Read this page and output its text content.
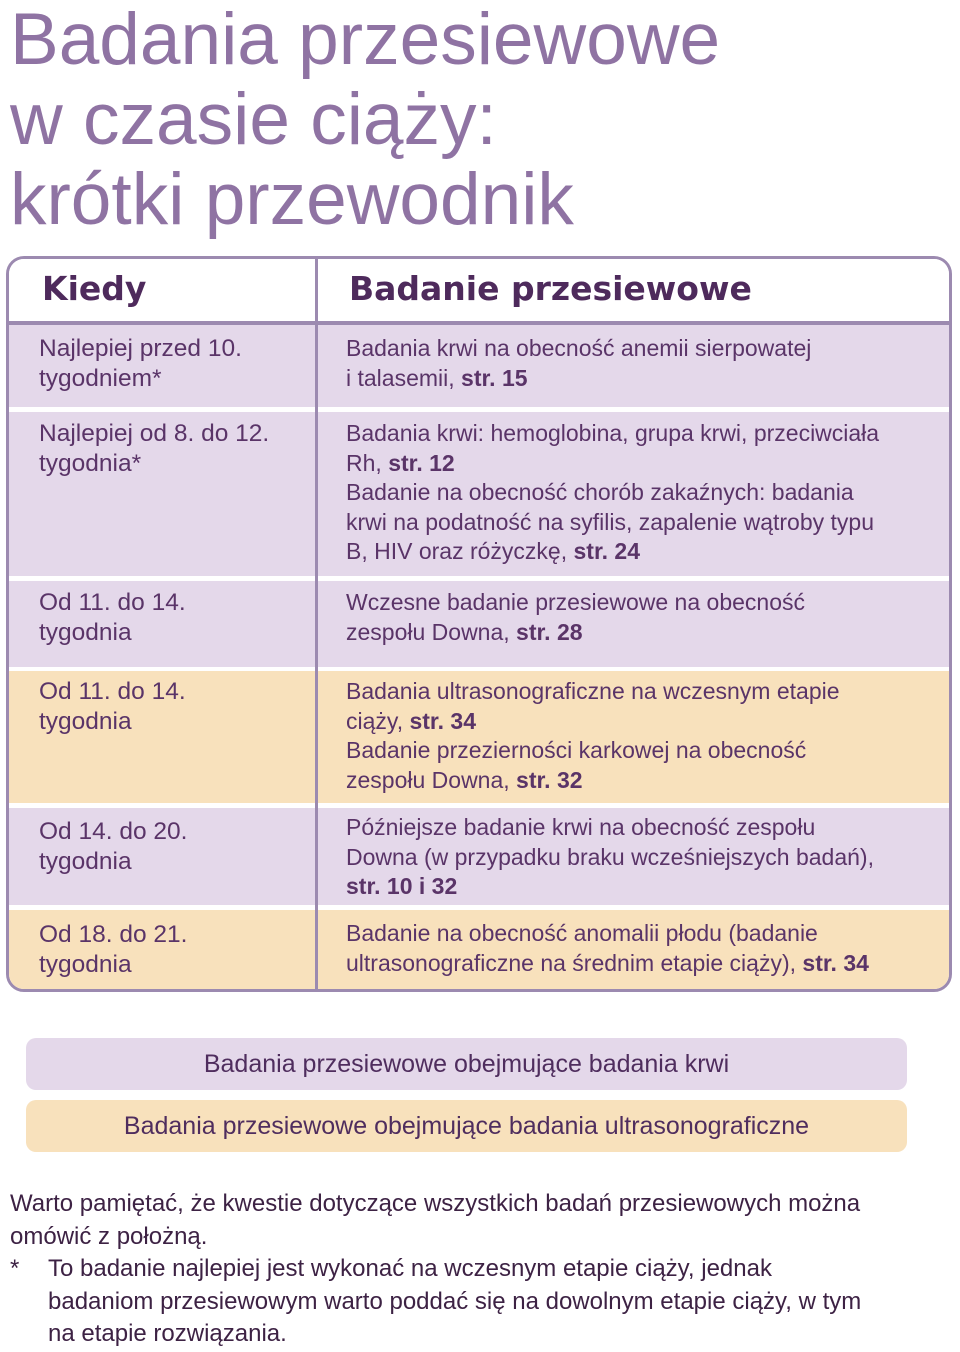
Badania przesiewowe
w czasie ciąży:
krótki przewodnik
Kiedy	Badanie przesiewowe
Najlepiej przed 10.
tygodniem*
Badania krwi na obecność anemii sierpowatej
i talasemii, str. 15
Najlepiej od 8. do 12.
tygodnia*
Badania krwi: hemoglobina, grupa krwi, przeciwciała
Rh, str. 12
Badanie na obecność chorób zakaźnych: badania
krwi na podatność na syfilis, zapalenie wątroby typu
B, HIV oraz różyczkę, str. 24
Od 11. do 14.
tygodnia
Wczesne badanie przesiewowe na obecność
zespołu Downa, str. 28
Od 11. do 14.
tygodnia
Badania ultrasonograficzne na wczesnym etapie
ciąży, str. 34
Badanie przezierności karkowej na obecność
zespołu Downa, str. 32
Od 14. do 20.
tygodnia
Późniejsze badanie krwi na obecność zespołu
Downa (w przypadku braku wcześniejszych badań),
str. 10 i 32
Od 18. do 21.
tygodnia
Badanie na obecność anomalii płodu (badanie
ultrasonograficzne na średnim etapie ciąży), str. 34
Badania przesiewowe obejmujące badania krwi
Badania przesiewowe obejmujące badania ultrasonograficzne
Warto pamiętać, że kwestie dotyczące wszystkich badań przesiewowych można
omówić z położną.
* To badanie najlepiej jest wykonać na wczesnym etapie ciąży, jednak
badaniom przesiewowym warto poddać się na dowolnym etapie ciąży, w tym
na etapie rozwiązania.
